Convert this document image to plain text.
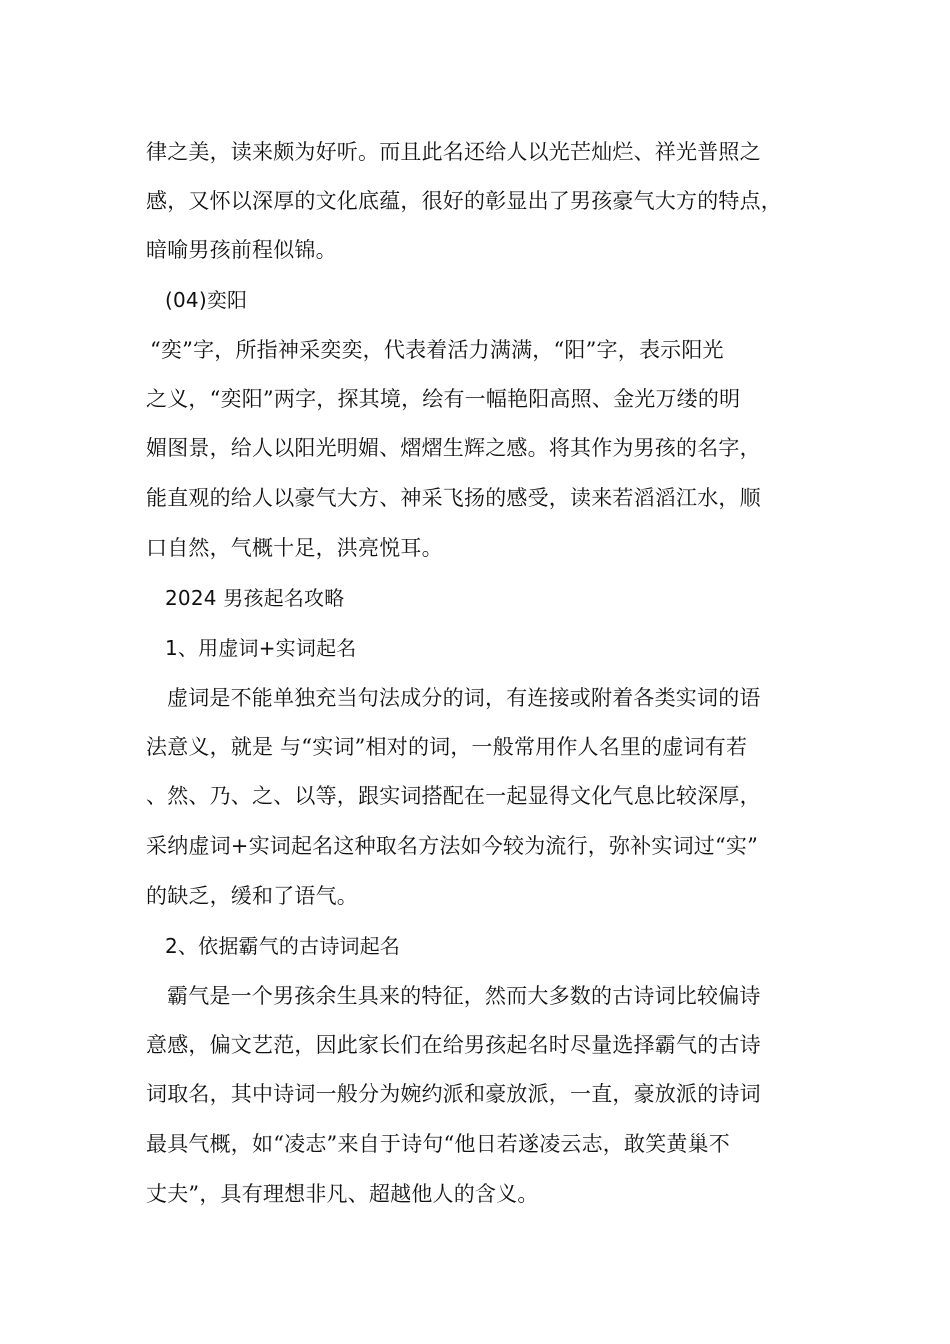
律之美，读来颇为好听。而且此名还给人以光芒灿烂、祥光普照之
感，又怀以深厚的文化底蕴，很好的彰显出了男孩豪气大方的特点，
暗喻男孩前程似锦。
(04)奕阳
“奕”字，所指神采奕奕，代表着活力满满，“阳”字，表示阳光
之义，“奕阳”两字，探其境，绘有一幅艳阳高照、金光万缕的明
媚图景，给人以阳光明媚、熠熠生辉之感。将其作为男孩的名字，
能直观的给人以豪气大方、神采飞扬的感受，读来若滔滔江水，顺
口自然，气概十足，洪亮悦耳。
2024 男孩起名攻略
1、用虚词+实词起名
虚词是不能单独充当句法成分的词，有连接或附着各类实词的语
法意义，就是 与“实词”相对的词，一般常用作人名里的虚词有若
、然、乃、之、以等，跟实词搭配在一起显得文化气息比较深厚，
采纳虚词+实词起名这种取名方法如今较为流行，弥补实词过“实”
的缺乏，缓和了语气。
2、依据霸气的古诗词起名
霸气是一个男孩余生具来的特征，然而大多数的古诗词比较偏诗
意感，偏文艺范，因此家长们在给男孩起名时尽量选择霸气的古诗
词取名，其中诗词一般分为婉约派和豪放派，一直，豪放派的诗词
最具气概，如“凌志”来自于诗句“他日若遂凌云志，敢笑黄巢不
丈夫”，具有理想非凡、超越他人的含义。
